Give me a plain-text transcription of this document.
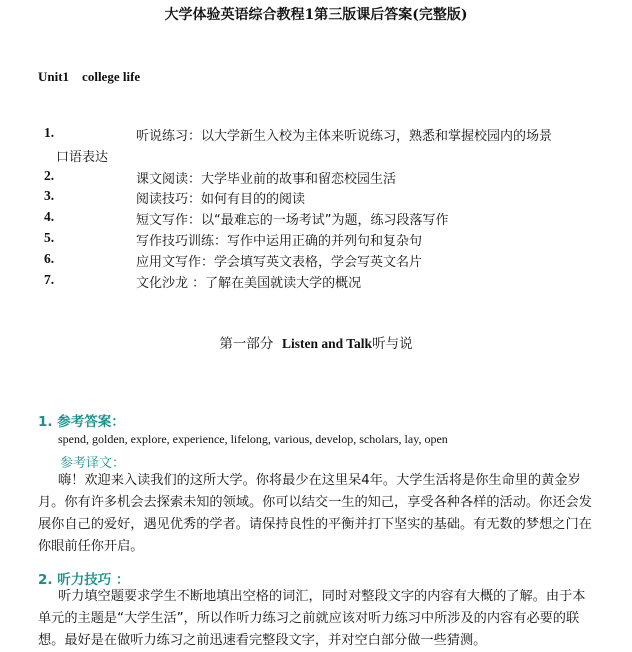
大学体验英语综合教程1第三版课后答案(完整版)
Unit1　college life
1.	听说练习：以大学新生入校为主体来听说练习，熟悉和掌握校园内的场景
口语表达
2.	课文阅读：大学毕业前的故事和留恋校园生活
3.	阅读技巧：如何有目的的阅读
4.	短文写作：以“最难忘的一场考试”为题，练习段落写作
5.	写作技巧训练：写作中运用正确的并列句和复杂句
6.	应用文写作：学会填写英文表格，学会写英文名片
7.	文化沙龙 ：了解在美国就读大学的概况
第一部分 Listen and Talk听与说
1. 参考答案：
spend, golden, explore, experience, lifelong, various, develop, scholars, lay, open
参考译文：
嗨！欢迎来入读我们的这所大学。你将最少在这里呆4年。大学生活将是你生命里的黄金岁月。你有许多机会去探索未知的领域。你可以结交一生的知己，享受各种各样的活动。你还会发展你自己的爱好，遇见优秀的学者。请保持良性的平衡并打下坚实的基础。有无数的梦想之门在你眼前任你开启。
2. 听力技巧 ：
听力填空题要求学生不断地填出空格的词汇，同时对整段文字的内容有大概的了解。由于本单元的主题是“大学生活”，所以作听力练习之前就应该对听力练习中所涉及的内容有必要的联想。最好是在做听力练习之前迅速看完整段文字，并对空白部分做一些猜测。
